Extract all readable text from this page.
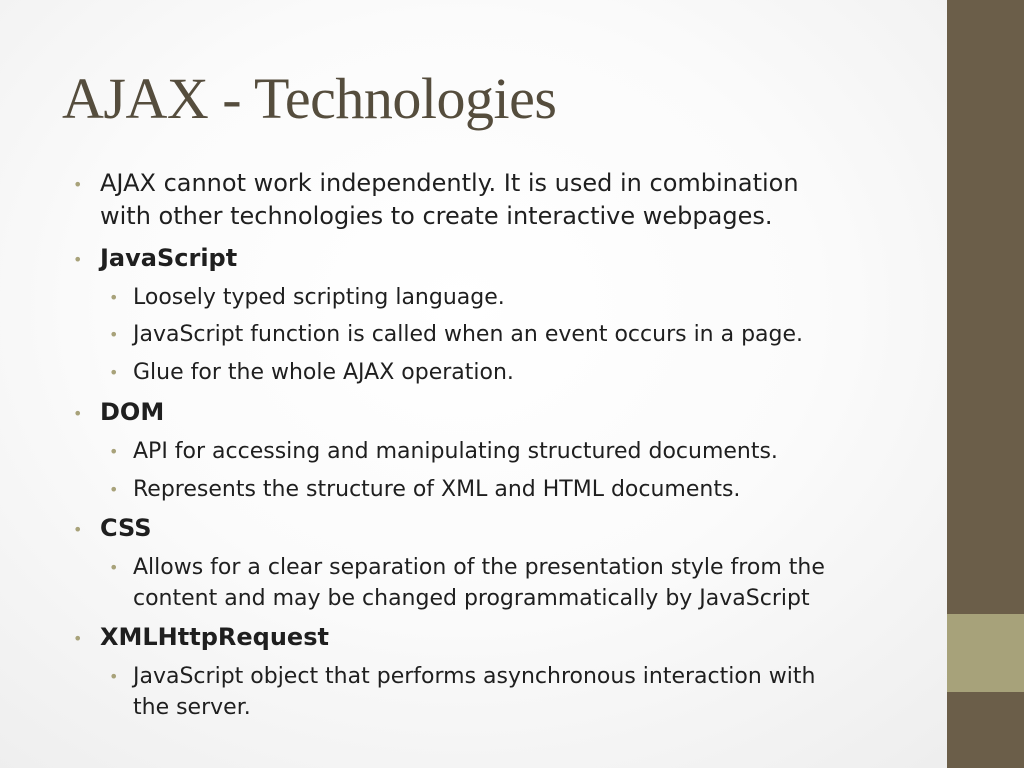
AJAX - Technologies
• AJAX cannot work independently. It is used in combination
with other technologies to create interactive webpages.
• JavaScript
• Loosely typed scripting language.
• JavaScript function is called when an event occurs in a page.
• Glue for the whole AJAX operation.
• DOM
• API for accessing and manipulating structured documents.
• Represents the structure of XML and HTML documents.
• CSS
• Allows for a clear separation of the presentation style from the
content and may be changed programmatically by JavaScript
• XMLHttpRequest
• JavaScript object that performs asynchronous interaction with
the server.
